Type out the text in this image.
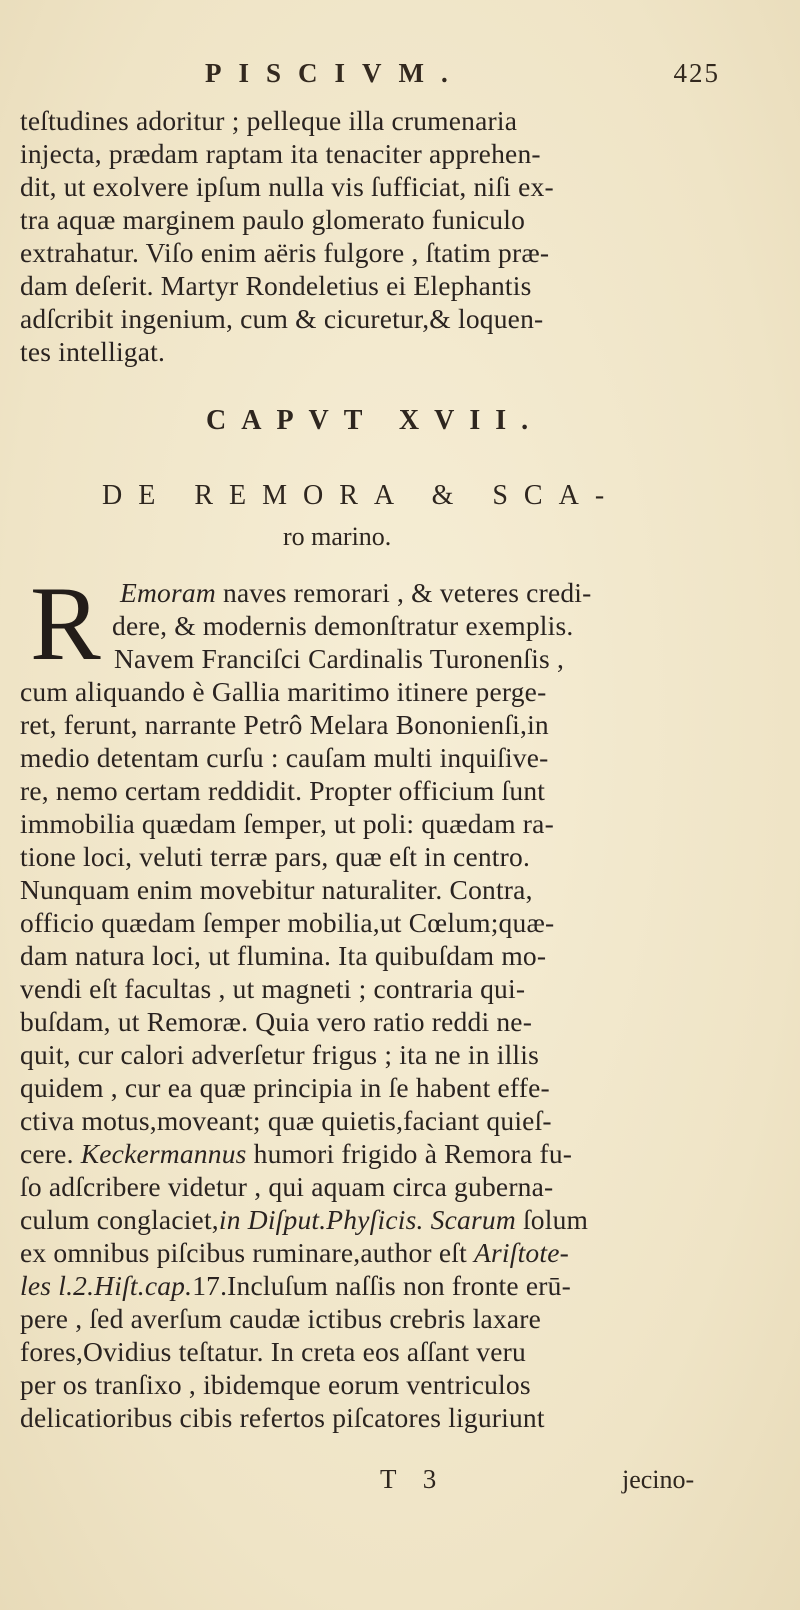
PISCIVM.	425
teſtudines adoritur ; pelleque illa crumenaria
injecta, prædam raptam ita tenaciter apprehen-
dit, ut exolvere ipſum nulla vis ſufficiat, niſi ex-
tra aquæ marginem paulo glomerato funiculo
extrahatur. Viſo enim aëris fulgore , ſtatim præ-
dam deſerit. Martyr Rondeletius ei Elephantis
adſcribit ingenium, cum & cicuretur,& loquen-
tes intelligat.
CAPVT XVII.
DE REMORA & SCA-
ro marino.
R Emoram naves remorari , & veteres credi-
dere, & modernis demonſtratur exemplis.
Navem Franciſci Cardinalis Turonenſis ,
cum aliquando è Gallia maritimo itinere perge-
ret, ferunt, narrante Petrô Melara Bononienſi,in
medio detentam curſu : cauſam multi inquiſive-
re, nemo certam reddidit. Propter officium ſunt
immobilia quædam ſemper, ut poli: quædam ra-
tione loci, veluti terræ pars, quæ eſt in centro.
Nunquam enim movebitur naturaliter. Contra,
officio quædam ſemper mobilia,ut Cœlum;quæ-
dam natura loci, ut flumina. Ita quibuſdam mo-
vendi eſt facultas , ut magneti ; contraria qui-
buſdam, ut Remoræ. Quia vero ratio reddi ne-
quit, cur calori adverſetur frigus ; ita ne in illis
quidem , cur ea quæ principia in ſe habent effe-
ctiva motus,moveant; quæ quietis,faciant quieſ-
cere. Keckermannus humori frigido à Remora fu-
ſo adſcribere videtur , qui aquam circa guberna-
culum conglaciet,in Diſput.Phyſicis. Scarum ſolum
ex omnibus piſcibus ruminare,author eſt Ariſtote-
les l.2.Hiſt.cap.17.Incluſum naſſis non fronte erū-
pere , ſed averſum caudæ ictibus crebris laxare
fores,Ovidius teſtatur. In creta eos aſſant veru
per os tranſixo , ibidemque eorum ventriculos
delicatioribus cibis refertos piſcatores liguriunt
T 3	jecino-
